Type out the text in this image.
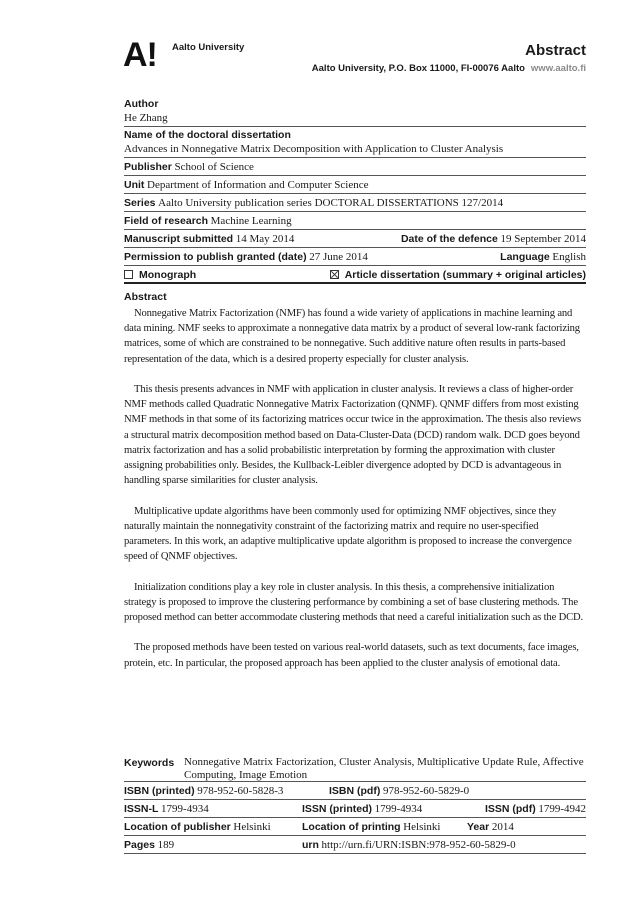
A! Aalto University	Abstract
Aalto University, P.O. Box 11000, FI-00076 Aalto www.aalto.fi
Author
He Zhang
Name of the doctoral dissertation
Advances in Nonnegative Matrix Decomposition with Application to Cluster Analysis
Publisher School of Science
Unit Department of Information and Computer Science
Series Aalto University publication series DOCTORAL DISSERTATIONS 127/2014
Field of research Machine Learning
Manuscript submitted 14 May 2014	Date of the defence 19 September 2014
Permission to publish granted (date) 27 June 2014	Language English
Monograph	Article dissertation (summary + original articles)
Abstract

Nonnegative Matrix Factorization (NMF) has found a wide variety of applications in machine learning and data mining. NMF seeks to approximate a nonnegative data matrix by a product of several low-rank factorizing matrices, some of which are constrained to be nonnegative. Such additive nature often results in parts-based representation of the data, which is a desired property especially for cluster analysis.

This thesis presents advances in NMF with application in cluster analysis. It reviews a class of higher-order NMF methods called Quadratic Nonnegative Matrix Factorization (QNMF). QNMF differs from most existing NMF methods in that some of its factorizing matrices occur twice in the approximation. The thesis also reviews a structural matrix decomposition method based on Data-Cluster-Data (DCD) random walk. DCD goes beyond matrix factorization and has a solid probabilistic interpretation by forming the approximation with cluster assigning probabilities only. Besides, the Kullback-Leibler divergence adopted by DCD is advantageous in handling sparse similarities for cluster analysis.

Multiplicative update algorithms have been commonly used for optimizing NMF objectives, since they naturally maintain the nonnegativity constraint of the factorizing matrix and require no user-specified parameters. In this work, an adaptive multiplicative update algorithm is proposed to increase the convergence speed of QNMF objectives.

Initialization conditions play a key role in cluster analysis. In this thesis, a comprehensive initialization strategy is proposed to improve the clustering performance by combining a set of base clustering methods. The proposed method can better accommodate clustering methods that need a careful initialization such as the DCD.

The proposed methods have been tested on various real-world datasets, such as text documents, face images, protein, etc. In particular, the proposed approach has been applied to the cluster analysis of emotional data.

Keywords Nonnegative Matrix Factorization, Cluster Analysis, Multiplicative Update Rule, Affective Computing, Image Emotion
ISBN (printed) 978-952-60-5828-3	ISBN (pdf) 978-952-60-5829-0
ISSN-L 1799-4934	ISSN (printed) 1799-4934	ISSN (pdf) 1799-4942
Location of publisher Helsinki	Location of printing Helsinki	Year 2014
Pages 189	urn http://urn.fi/URN:ISBN:978-952-60-5829-0
